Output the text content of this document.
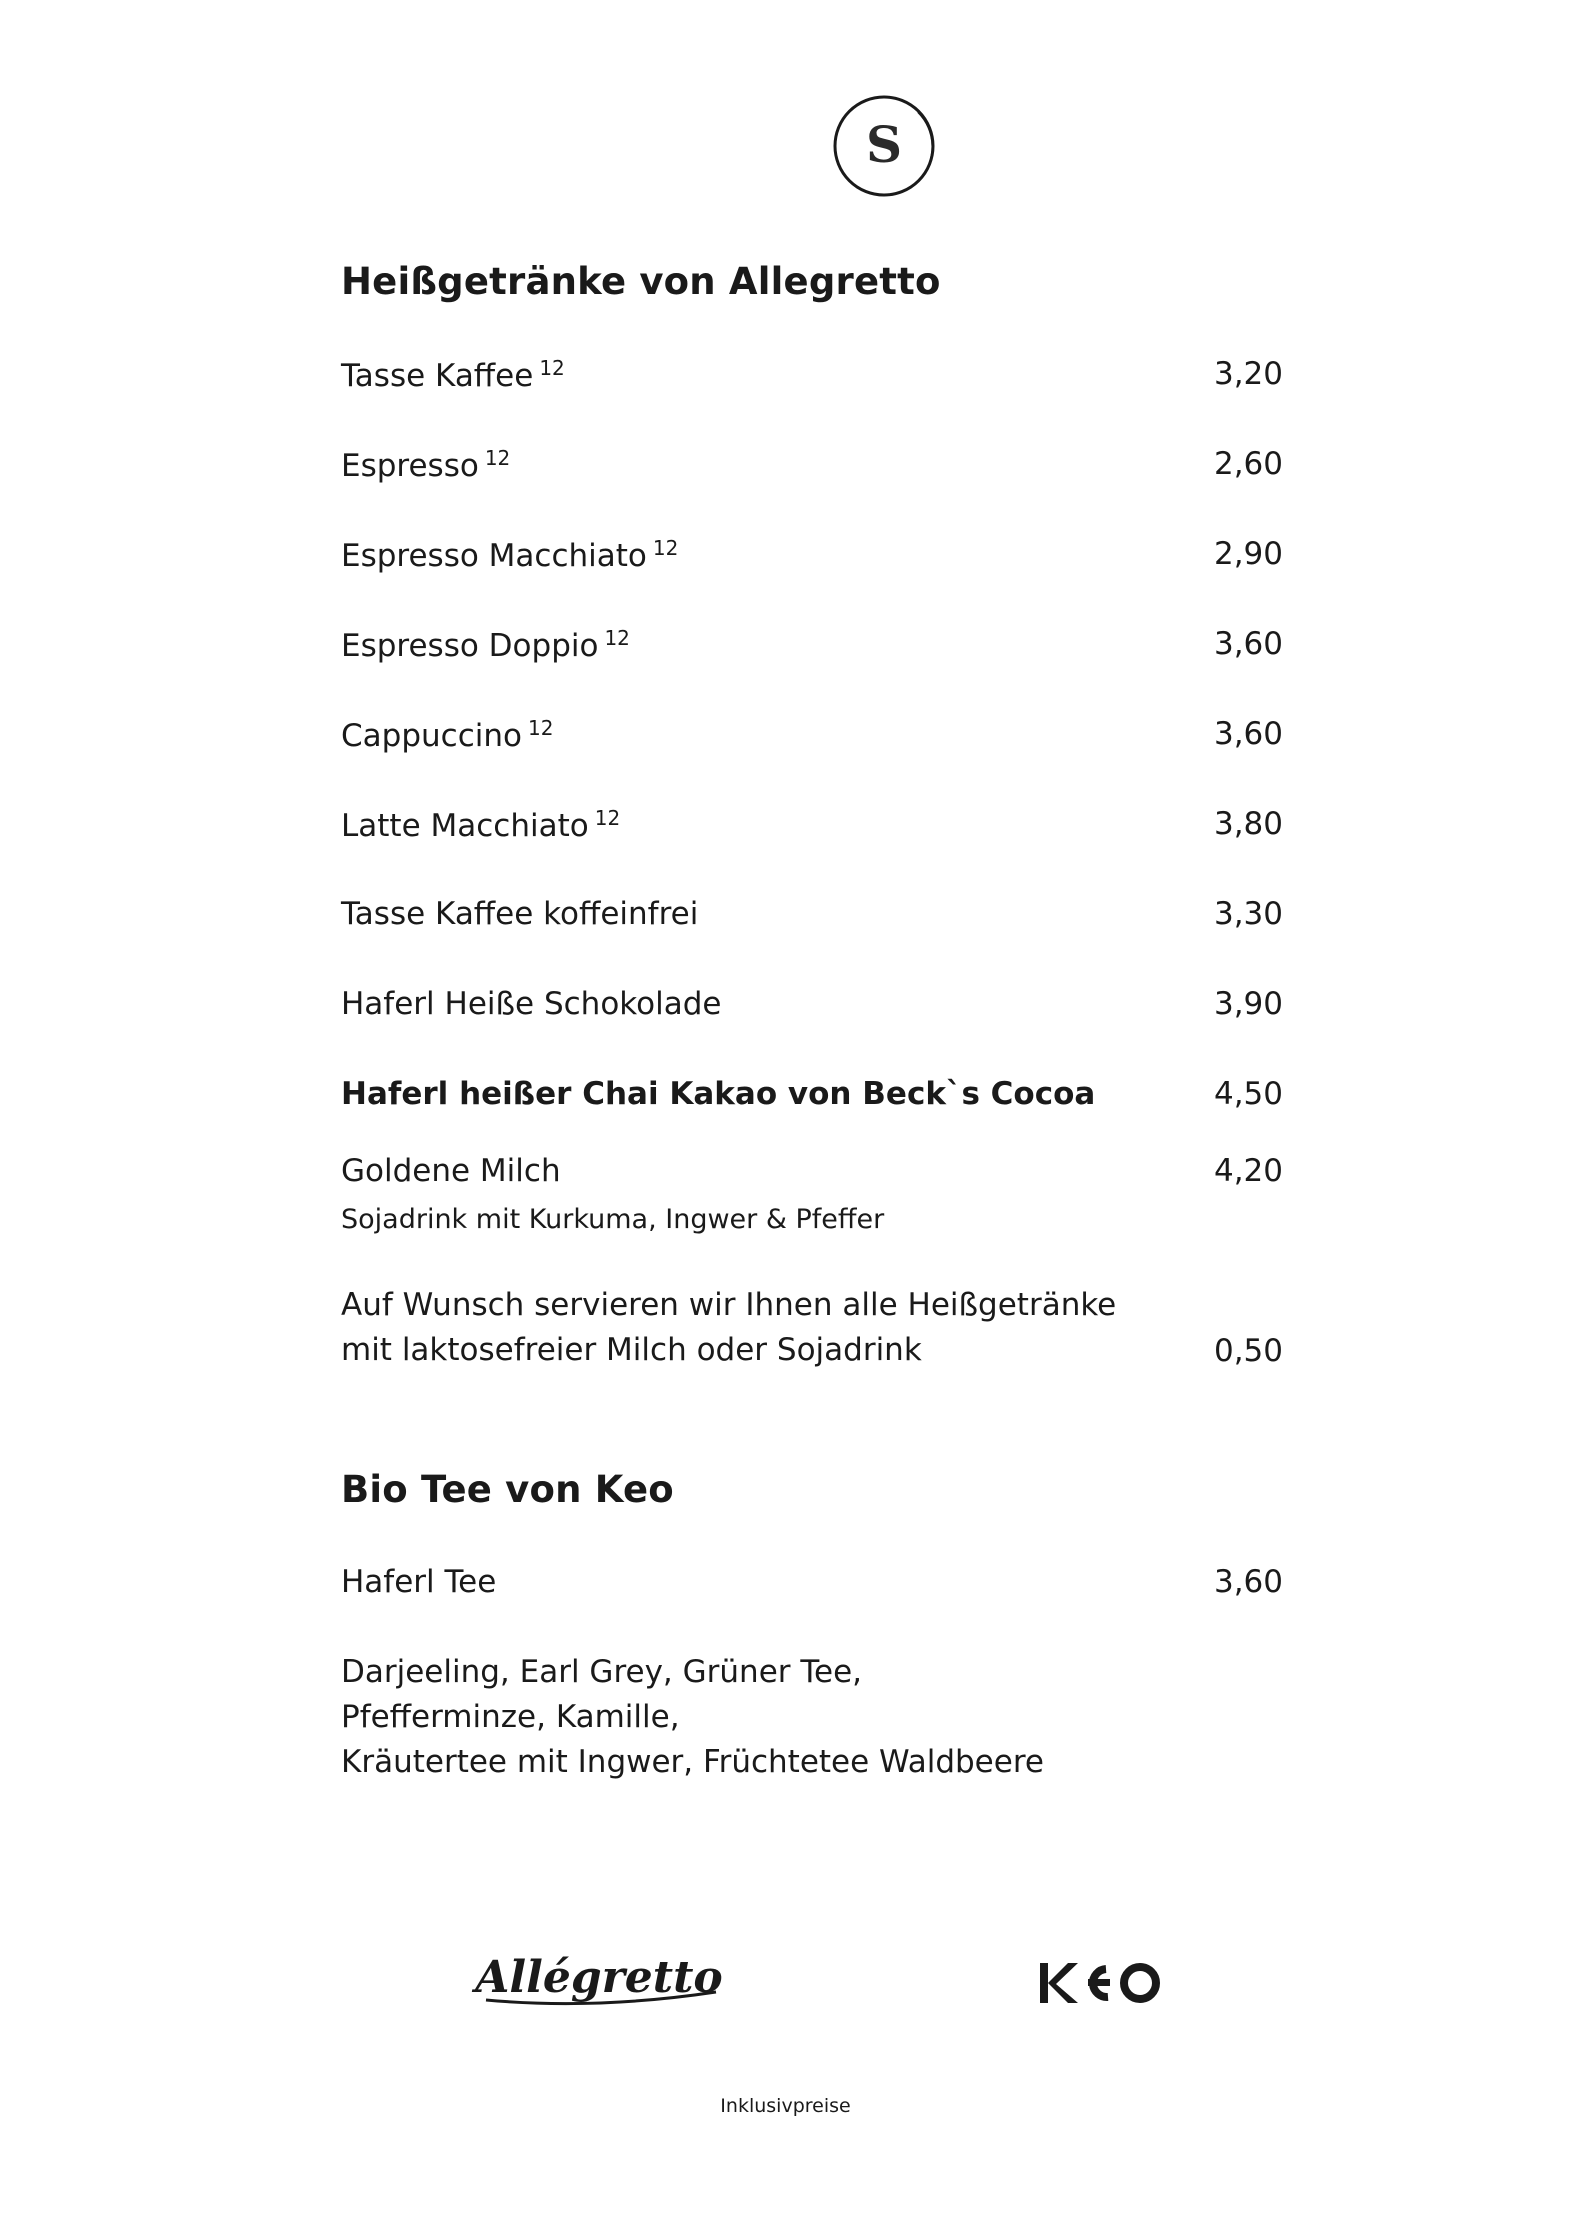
S
Heißgetränke von Allegretto
Tasse Kaffee $^{12}$	3,20
Espresso $^{12}$	2,60
Espresso Macchiato $^{12}$	2,90
Espresso Doppio $^{12}$	3,60
Cappuccino $^{12}$	3,60
Latte Macchiato $^{12}$	3,80
Tasse Kaffee koffeinfrei	3,30
Haferl Heiße Schokolade	3,90
Haferl heißer Chai Kakao von Beck`s Cocoa	4,50
Goldene Milch	4,20
Sojadrink mit Kurkuma, Ingwer & Pfeffer
Auf Wunsch servieren wir Ihnen alle Heißgetränke
mit laktosefreier Milch oder Sojadrink	0,50
Bio Tee von Keo
Haferl Tee	3,60
Darjeeling, Earl Grey, Grüner Tee,
Pfefferminze, Kamille,
Kräutertee mit Ingwer, Früchtetee Waldbeere
Allégretto
Inklusivpreise
